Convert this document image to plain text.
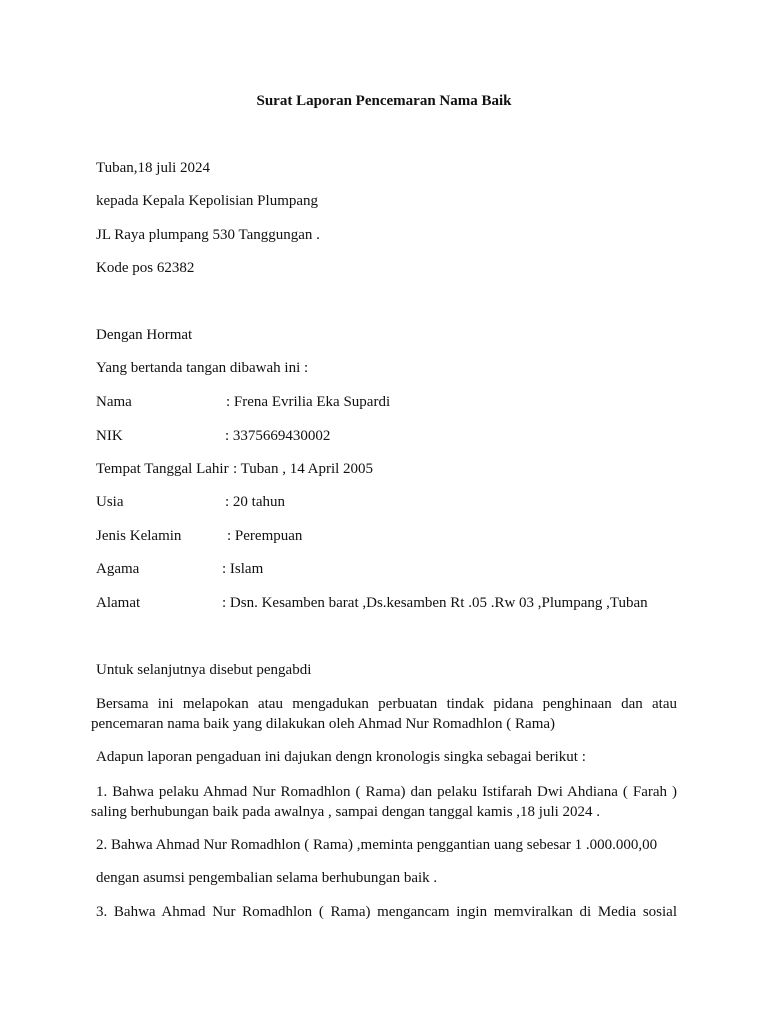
Surat Laporan Pencemaran Nama Baik
Tuban,18 juli 2024
kepada Kepala Kepolisian Plumpang
JL Raya plumpang 530 Tanggungan .
Kode pos 62382
Dengan Hormat
Yang bertanda tangan dibawah ini :
Nama	: Frena Evrilia Eka Supardi
NIK	: 3375669430002
Tempat Tanggal Lahir : Tuban , 14 April 2005
Usia	: 20 tahun
Jenis Kelamin	: Perempuan
Agama	: Islam
Alamat	: Dsn. Kesamben barat ,Ds.kesamben Rt .05 .Rw 03 ,Plumpang ,Tuban
Untuk selanjutnya disebut pengabdi
Bersama ini melapokan atau mengadukan perbuatan tindak pidana penghinaan dan atau pencemaran nama baik yang dilakukan oleh Ahmad Nur Romadhlon ( Rama)
Adapun laporan pengaduan ini dajukan dengn kronologis singka sebagai berikut :
1. Bahwa pelaku Ahmad Nur Romadhlon ( Rama) dan pelaku Istifarah Dwi Ahdiana ( Farah ) saling berhubungan baik pada awalnya , sampai dengan tanggal kamis ,18 juli 2024 .
2. Bahwa Ahmad Nur Romadhlon ( Rama) ,meminta penggantian uang sebesar 1 .000.000,00
dengan asumsi pengembalian selama berhubungan baik .
3. Bahwa Ahmad Nur Romadhlon ( Rama) mengancam ingin memviralkan di Media sosial
